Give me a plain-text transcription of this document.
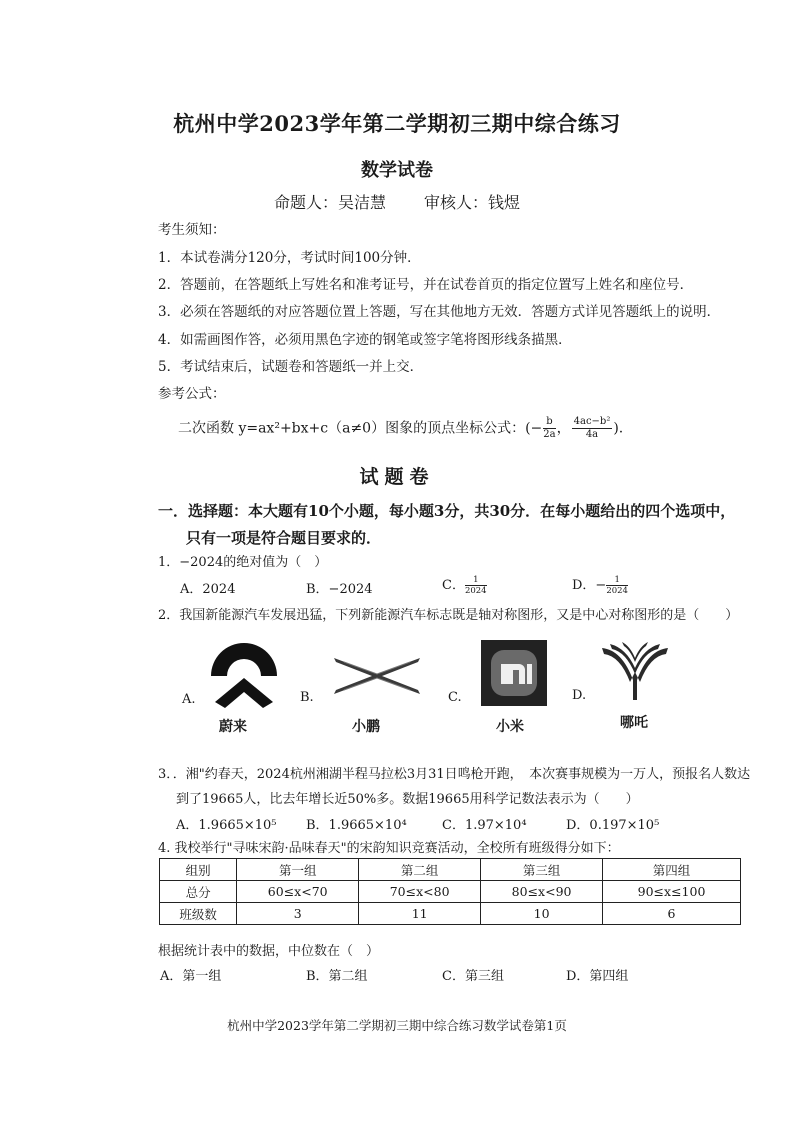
杭州中学2023学年第二学期初三期中综合练习
数学试卷
命题人：吴洁慧 审核人：钱煜
考生须知：
1．本试卷满分120分，考试时间100分钟．
2．答题前，在答题纸上写姓名和准考证号，并在试卷首页的指定位置写上姓名和座位号．
3．必须在答题纸的对应答题位置上答题，写在其他地方无效．答题方式详见答题纸上的说明．
4．如需画图作答，必须用黑色字迹的钢笔或签字笔将图形线条描黑．
5．考试结束后，试题卷和答题纸一并上交．
参考公式：
二次函数 y=ax²+bx+c（a≠0）图象的顶点坐标公式：(− $\frac{b}{2a}$ ， $\frac{\text{4ac−b²}}{4a}$ ).
试题卷
一．选择题：本大题有10个小题，每小题3分，共30分．在每小题给出的四个选项中，
只有一项是符合题目要求的．
1．−2024的绝对值为（　）
A．2024	B．−2024	C． $\frac{1}{2024}$	D．− $\frac{1}{2024}$
2．我国新能源汽车发展迅猛，下列新能源汽车标志既是轴对称图形，又是中心对称图形的是（　　）
A.
蔚来
B.
小鹏
C.
小米
D.
哪吒
3．．湘"约春天，2024杭州湘湖半程马拉松3月31日鸣枪开跑，　本次赛事规模为一万人，预报名人数达
到了19665人，比去年增长近50%多。数据19665用科学记数法表示为（　　）
A．1.9665×10⁵ B．1.9665×10⁴	C．1.97×10⁴	D．0.197×10⁵
4. 我校举行"寻味宋韵·品味春天"的宋韵知识竞赛活动，全校所有班级得分如下：
组别	第一组	第二组	第三组	第四组
总分	60≤x<70	70≤x<80	80≤x<90	90≤x≤100
班级数	3	11	10	6
根据统计表中的数据，中位数在（　）
A．第一组	B．第二组	C．第三组	D．第四组
杭州中学2023学年第二学期初三期中综合练习数学试卷第1页
